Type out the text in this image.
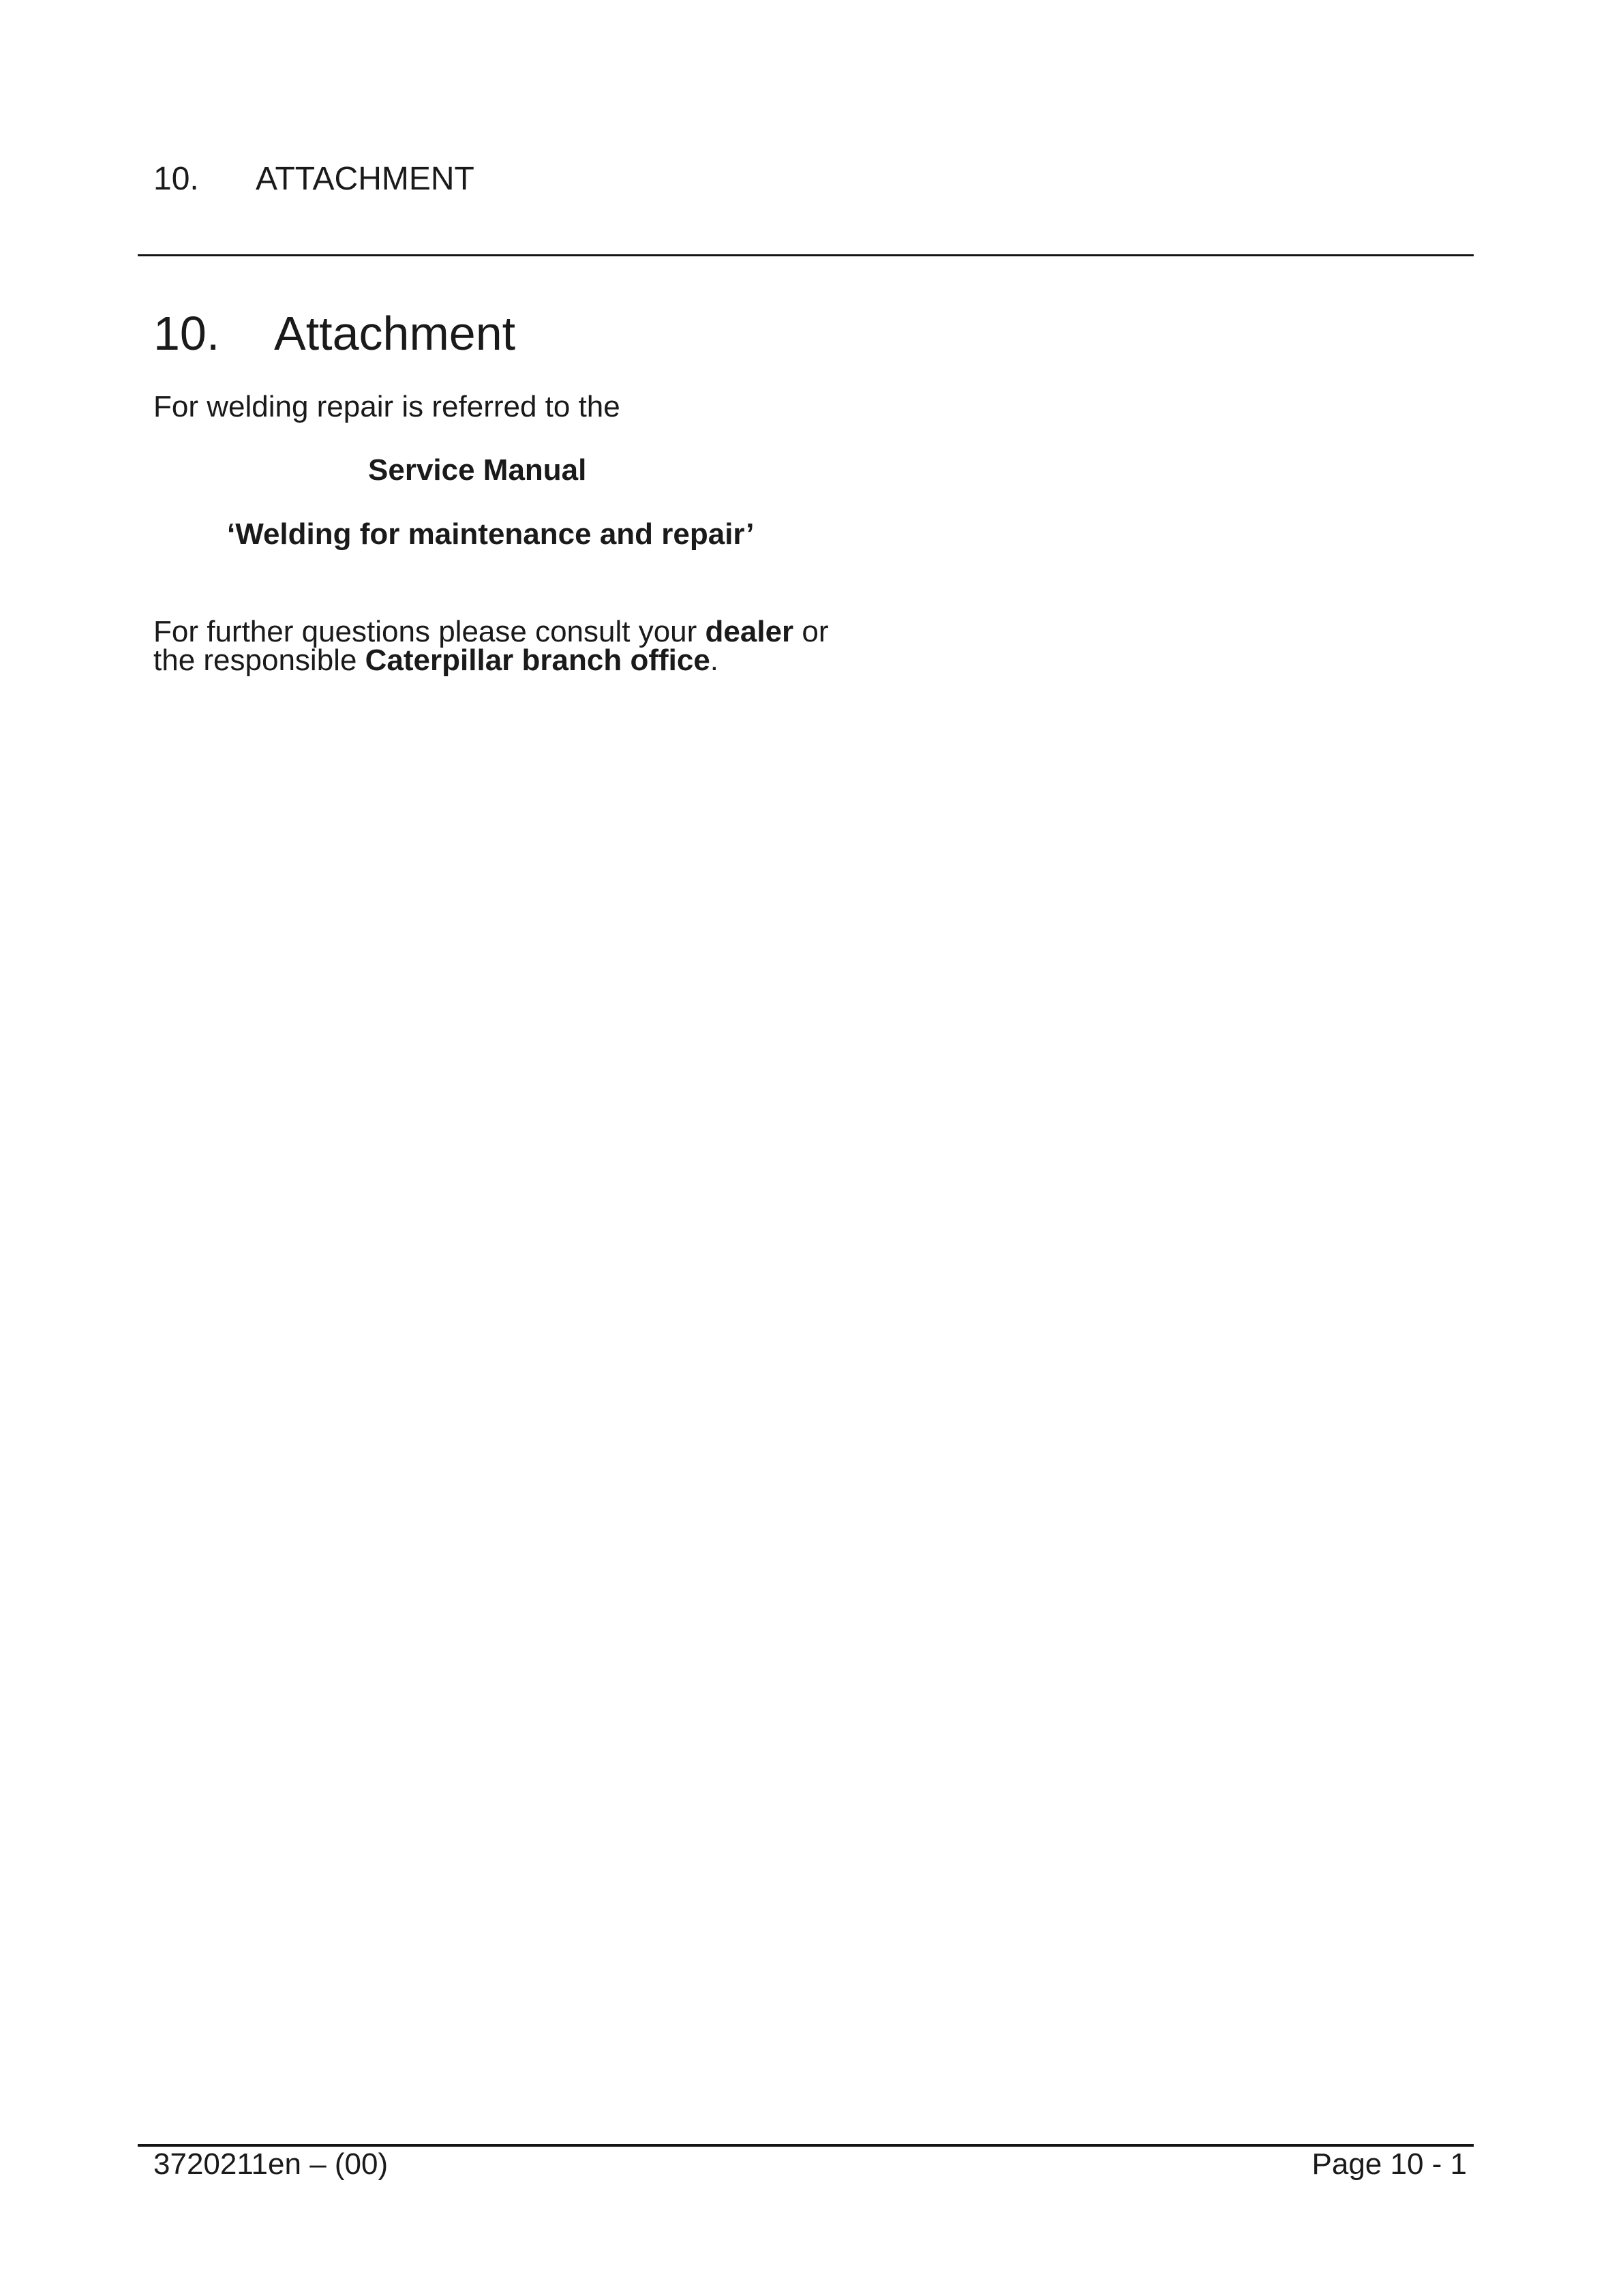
10. ATTACHMENT
10. Attachment
For welding repair is referred to the
Service Manual
‘Welding for maintenance and repair’
For further questions please consult your dealer or
the responsible Caterpillar branch office.
3720211en – (00)	Page 10 - 1
